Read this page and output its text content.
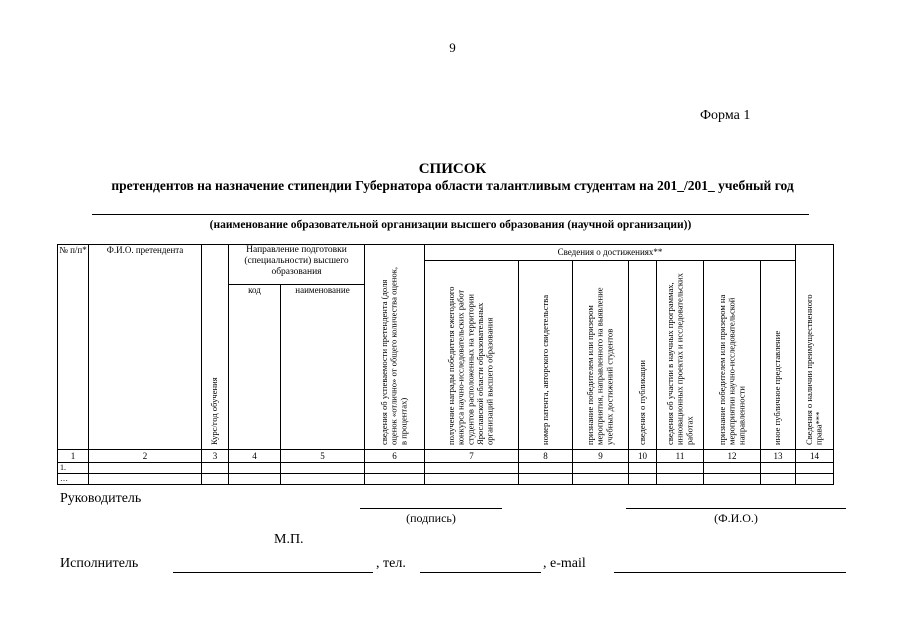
9
Форма 1
СПИСОК
претендентов на назначение стипендии Губернатора области талантливым студентам на 201_/201_ учебный год
(наименование образовательной организации высшего образования (научной организации))
№ п/п*	Ф.И.О. претендента	Курс/год обучения	Направление подготовки (специальности) высшего образования		сведения об успеваемости претендента (доля оценок «отлично» от общего количества оценок, в процентах)	Сведения о достижениях**							Сведения о наличии преимущественного права***

						получение награды победителя ежегодного конкурса научно-исследовательских работ студентов расположенных на территории Ярославской области образовательных организаций высшего образования	номер патента, авторского свидетельства	признание победителем или призером мероприятия, направленного на выявление учебных достижений студентов	сведения о публикации	сведения об участии в научных программах, инновационных проектах и исследовательских работах	признание победителем или призером на мероприятии научно-исследовательской направленности	иное публичное представление	

			код	наименование									
1	2	3	4	5	6	7	8	9	10	11	12	13	14
1.													
…													
Руководитель
(подпись)	(Ф.И.О.)
М.П.
Исполнитель	, тел.	, e-mail
